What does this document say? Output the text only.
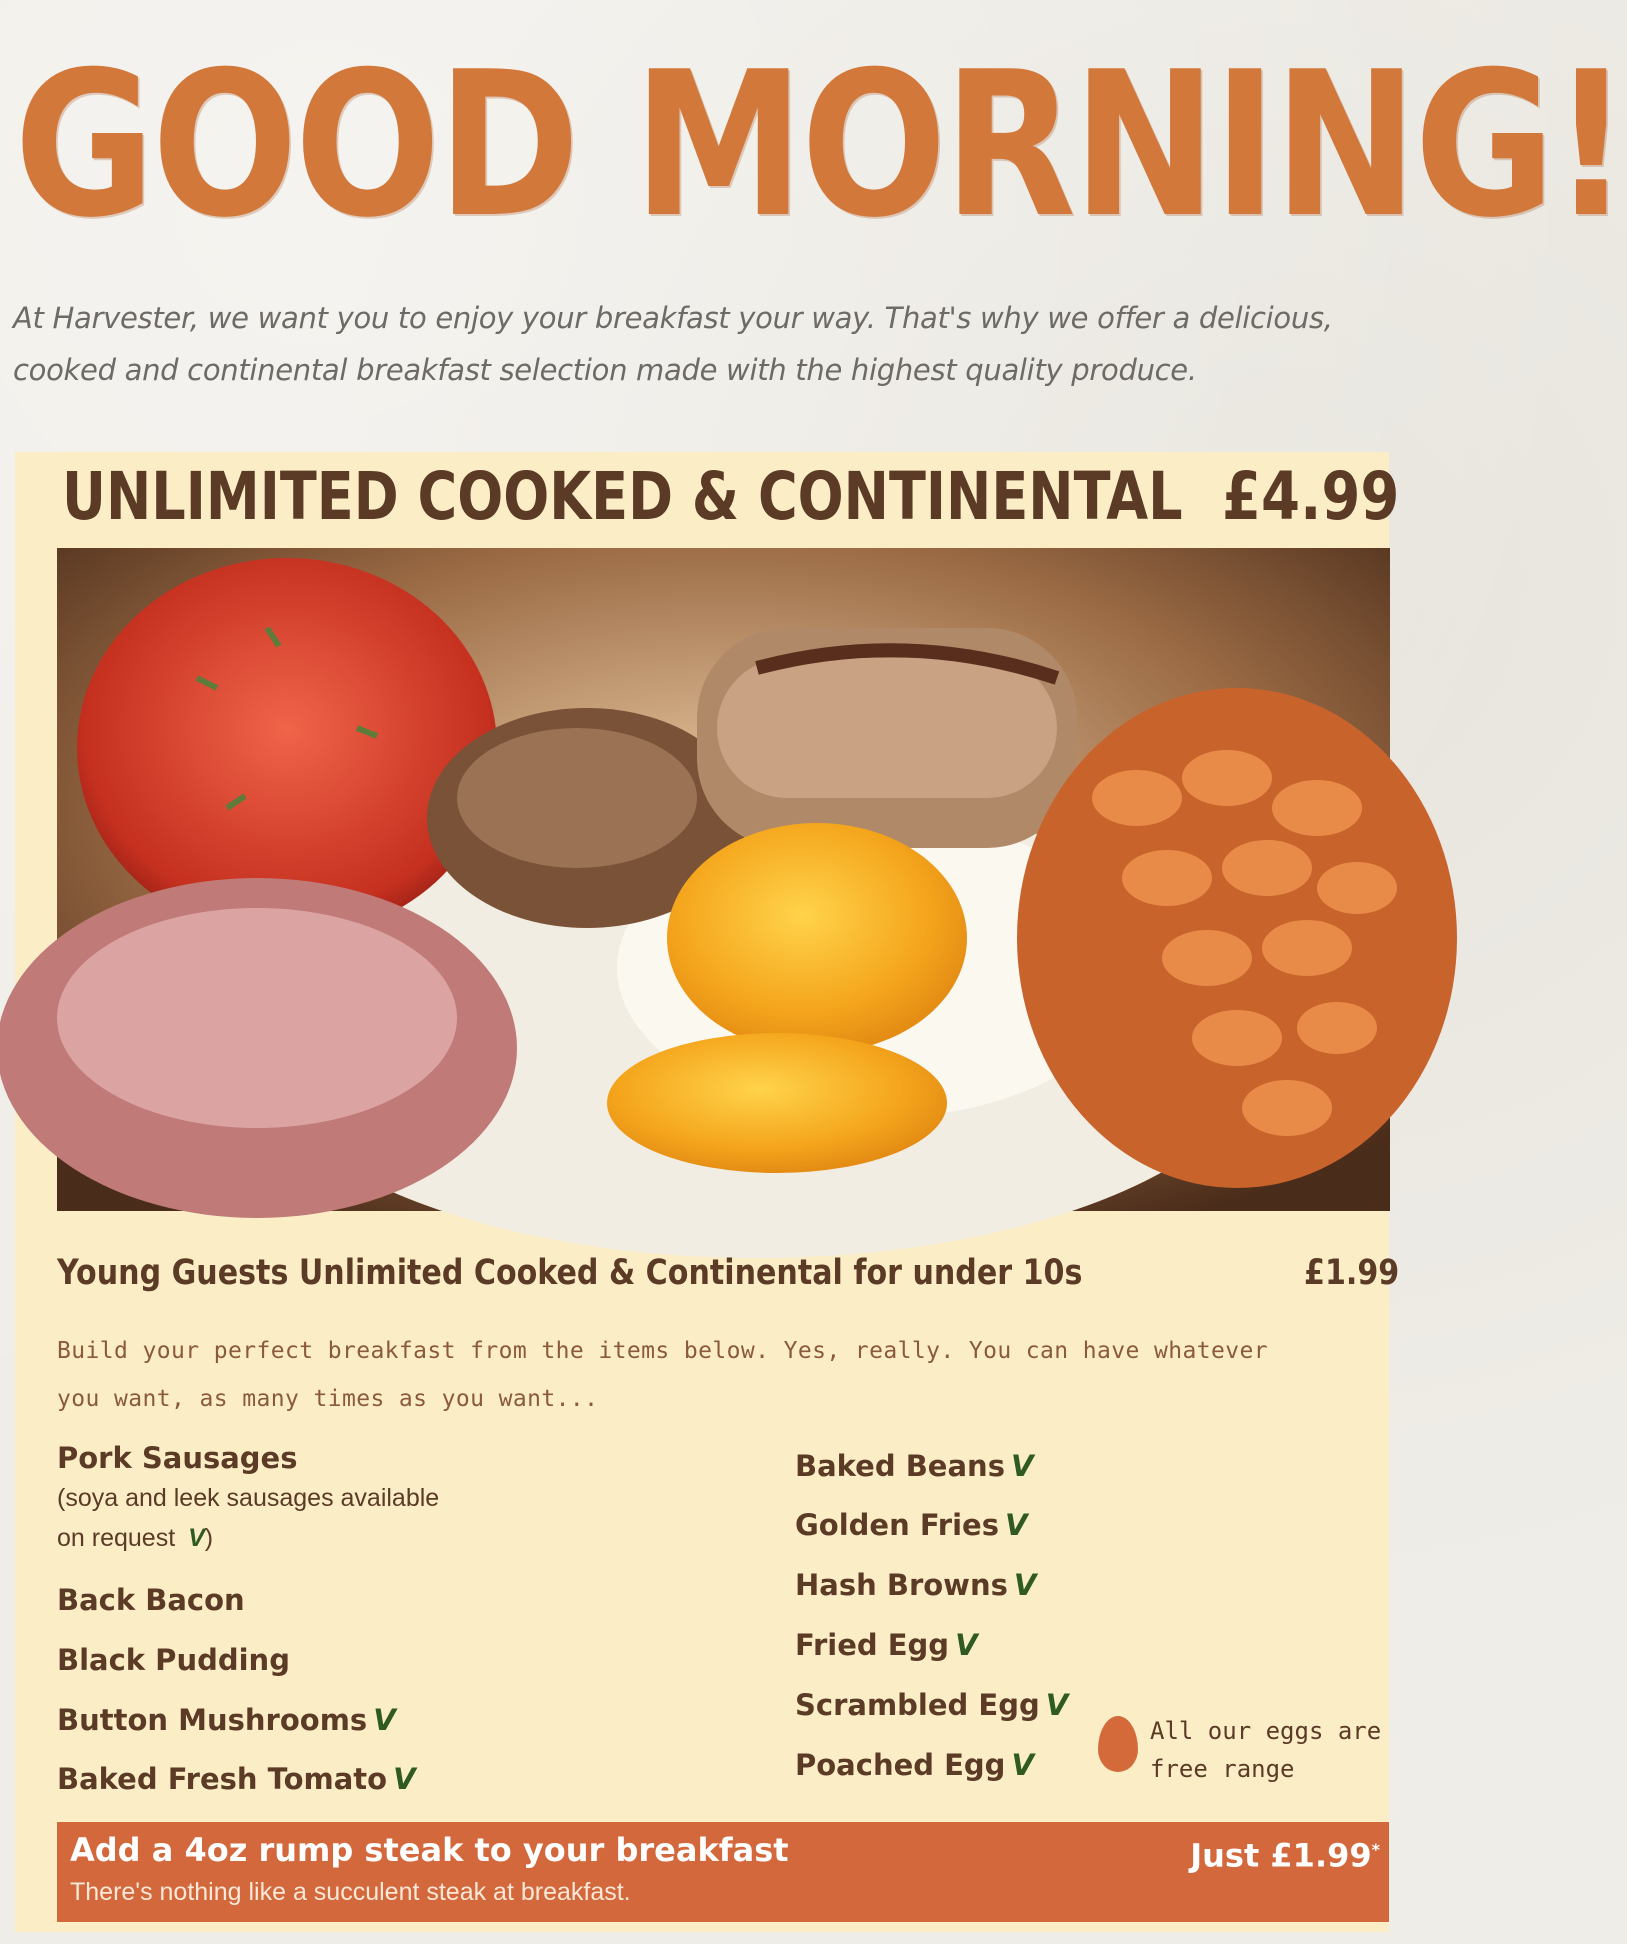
GOOD MORNING!
At Harvester, we want you to enjoy your breakfast your way. That's why we offer a delicious,
cooked and continental breakfast selection made with the highest quality produce.
UNLIMITED COOKED & CONTINENTAL £4.99
Young Guests Unlimited Cooked & Continental for under 10s	£1.99
Build your perfect breakfast from the items below. Yes, really. You can have whatever
you want, as many times as you want...
Pork Sausages
(soya and leek sausages available
on request V)
Back Bacon
Black Pudding
Button Mushrooms V
Baked Fresh Tomato V
Baked Beans V
Golden Fries V
Hash Browns V
Fried Egg V
Scrambled Egg V
Poached Egg V
All our eggs are
free range
Add a 4oz rump steak to your breakfast
There's nothing like a succulent steak at breakfast.
Just £1.99*
